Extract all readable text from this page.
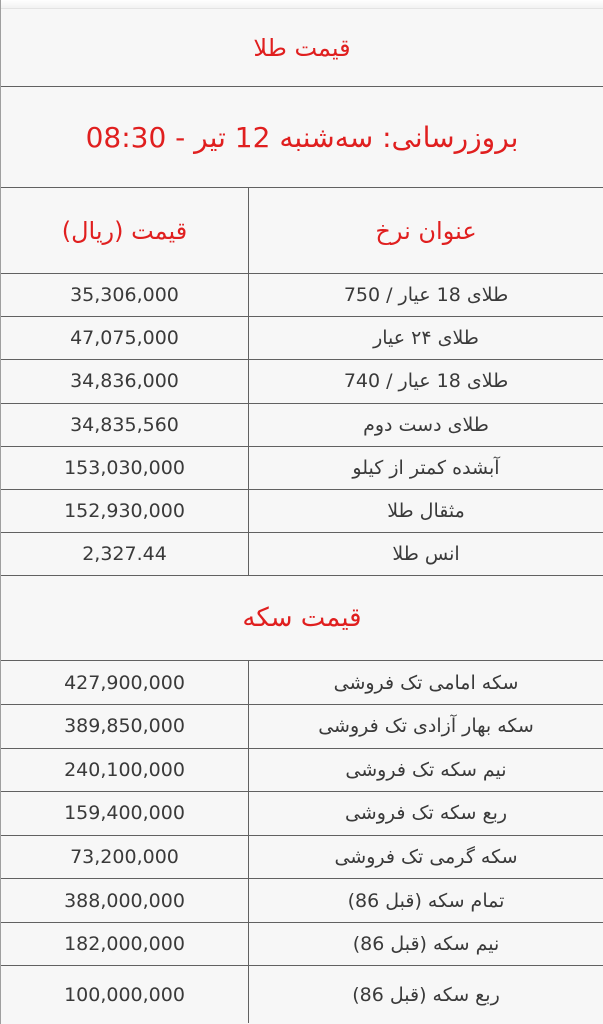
قیمت طلا
بروزرسانی: سه‌شنبه 12 تیر - 08:30
عنوان نرخ
قیمت (ریال)
طلای 18 عیار / 750
35,306,000
طلای ۲۴ عیار
47,075,000
طلای 18 عیار / 740
34,836,000
طلای دست دوم
34,835,560
آبشده کمتر از کیلو
153,030,000
مثقال طلا
152,930,000
انس طلا
2,327.44
قیمت سکه
سکه امامی تک فروشی
427,900,000
سکه بهار آزادی تک فروشی
389,850,000
نیم سکه تک فروشی
240,100,000
ربع سکه تک فروشی
159,400,000
سکه گرمی تک فروشی
73,200,000
تمام سکه (قبل 86)
388,000,000
نیم سکه (قبل 86)
182,000,000
ربع سکه (قبل 86)
100,000,000
